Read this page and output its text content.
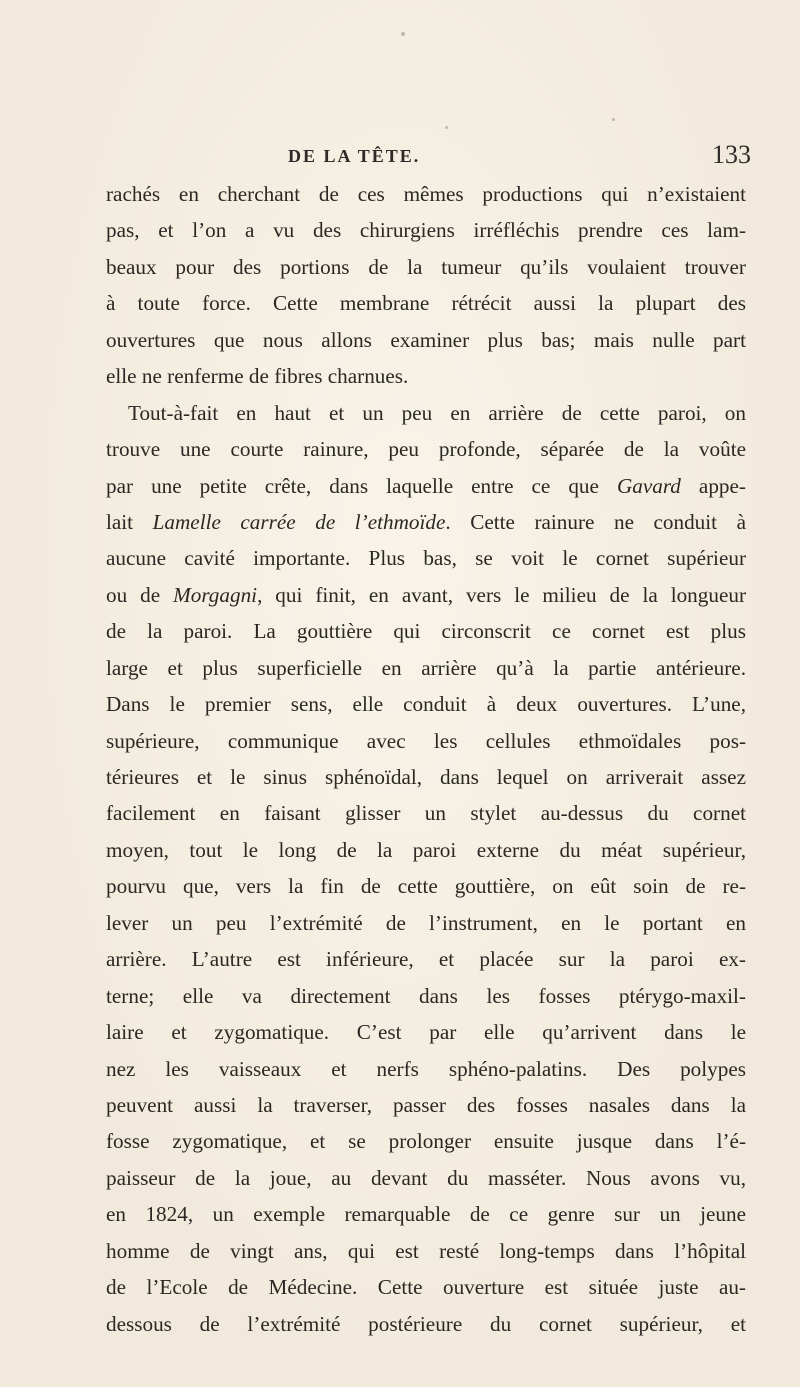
DE LA TÊTE.	133
rachés en cherchant de ces mêmes productions qui n’existaient
pas, et l’on a vu des chirurgiens irréfléchis prendre ces lam-
beaux pour des portions de la tumeur qu’ils voulaient trouver
à toute force. Cette membrane rétrécit aussi la plupart des
ouvertures que nous allons examiner plus bas; mais nulle part
elle ne renferme de fibres charnues.
Tout-à-fait en haut et un peu en arrière de cette paroi, on
trouve une courte rainure, peu profonde, séparée de la voûte
par une petite crête, dans laquelle entre ce que Gavard appe-
lait Lamelle carrée de l’ethmoïde. Cette rainure ne conduit à
aucune cavité importante. Plus bas, se voit le cornet supérieur
ou de Morgagni, qui finit, en avant, vers le milieu de la longueur
de la paroi. La gouttière qui circonscrit ce cornet est plus
large et plus superficielle en arrière qu’à la partie antérieure.
Dans le premier sens, elle conduit à deux ouvertures. L’une,
supérieure, communique avec les cellules ethmoïdales pos-
térieures et le sinus sphénoïdal, dans lequel on arriverait assez
facilement en faisant glisser un stylet au-dessus du cornet
moyen, tout le long de la paroi externe du méat supérieur,
pourvu que, vers la fin de cette gouttière, on eût soin de re-
lever un peu l’extrémité de l’instrument, en le portant en
arrière. L’autre est inférieure, et placée sur la paroi ex-
terne; elle va directement dans les fosses ptérygo-maxil-
laire et zygomatique. C’est par elle qu’arrivent dans le
nez les vaisseaux et nerfs sphéno-palatins. Des polypes
peuvent aussi la traverser, passer des fosses nasales dans la
fosse zygomatique, et se prolonger ensuite jusque dans l’é-
paisseur de la joue, au devant du masséter. Nous avons vu,
en 1824, un exemple remarquable de ce genre sur un jeune
homme de vingt ans, qui est resté long-temps dans l’hôpital
de l’Ecole de Médecine. Cette ouverture est située juste au-
dessous de l’extrémité postérieure du cornet supérieur, et
